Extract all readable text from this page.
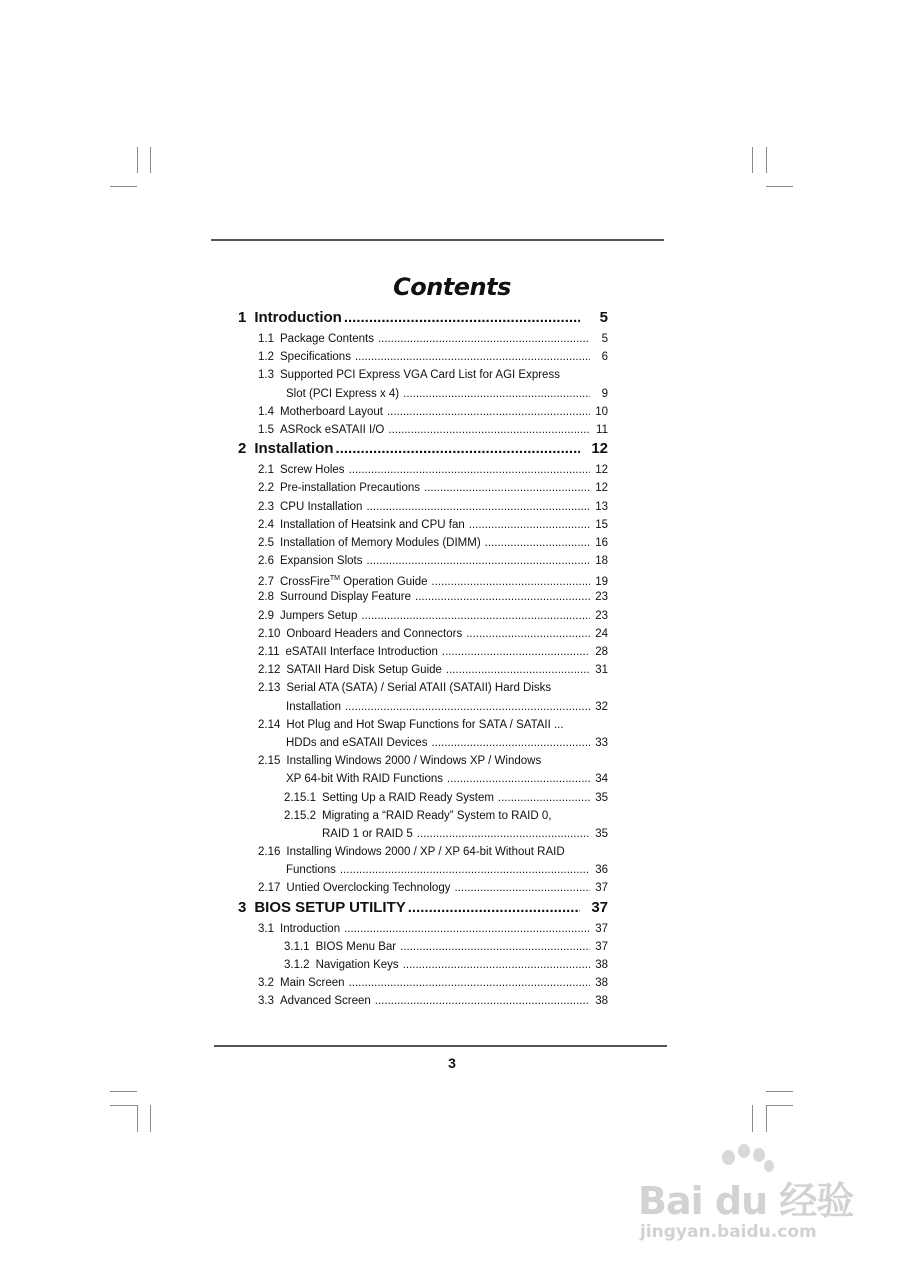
Contents
1 Introduction .....	5
1.1 Package Contents .....	5
1.2 Specifications .....	6
1.3 Supported PCI Express VGA Card List for AGI Express
Slot (PCI Express x 4) .....	9
1.4 Motherboard Layout .....	10
1.5 ASRock eSATAII I/O .....	11
2 Installation .....	12
2.1 Screw Holes .....	12
2.2 Pre-installation Precautions .....	12
2.3 CPU Installation .....	13
2.4 Installation of Heatsink and CPU fan .....	15
2.5 Installation of Memory Modules (DIMM) .....	16
2.6 Expansion Slots .....	18
2.7 CrossFire™ Operation Guide .....	19
2.8 Surround Display Feature .....	23
2.9 Jumpers Setup .....	23
2.10 Onboard Headers and Connectors .....	24
2.11 eSATAII Interface Introduction .....	28
2.12 SATAII Hard Disk Setup Guide .....	31
2.13 Serial ATA (SATA) / Serial ATAII (SATAII) Hard Disks
Installation .....	32
2.14 Hot Plug and Hot Swap Functions for SATA / SATAII ...
HDDs and eSATAII Devices .....	33
2.15 Installing Windows 2000 / Windows XP / Windows
XP 64-bit With RAID Functions .....	34
2.15.1 Setting Up a RAID Ready System .....	35
2.15.2 Migrating a “RAID Ready” System to RAID 0,
RAID 1 or RAID 5 .....	35
2.16 Installing Windows 2000 / XP / XP 64-bit Without RAID
Functions .....	36
2.17 Untied Overclocking Technology .....	37
3 BIOS SETUP UTILITY .....	37
3.1 Introduction .....	37
3.1.1 BIOS Menu Bar .....	37
3.1.2 Navigation Keys .....	38
3.2 Main Screen .....	38
3.3 Advanced Screen .....	38
3
Bai du 经验
jingyan.baidu.com
